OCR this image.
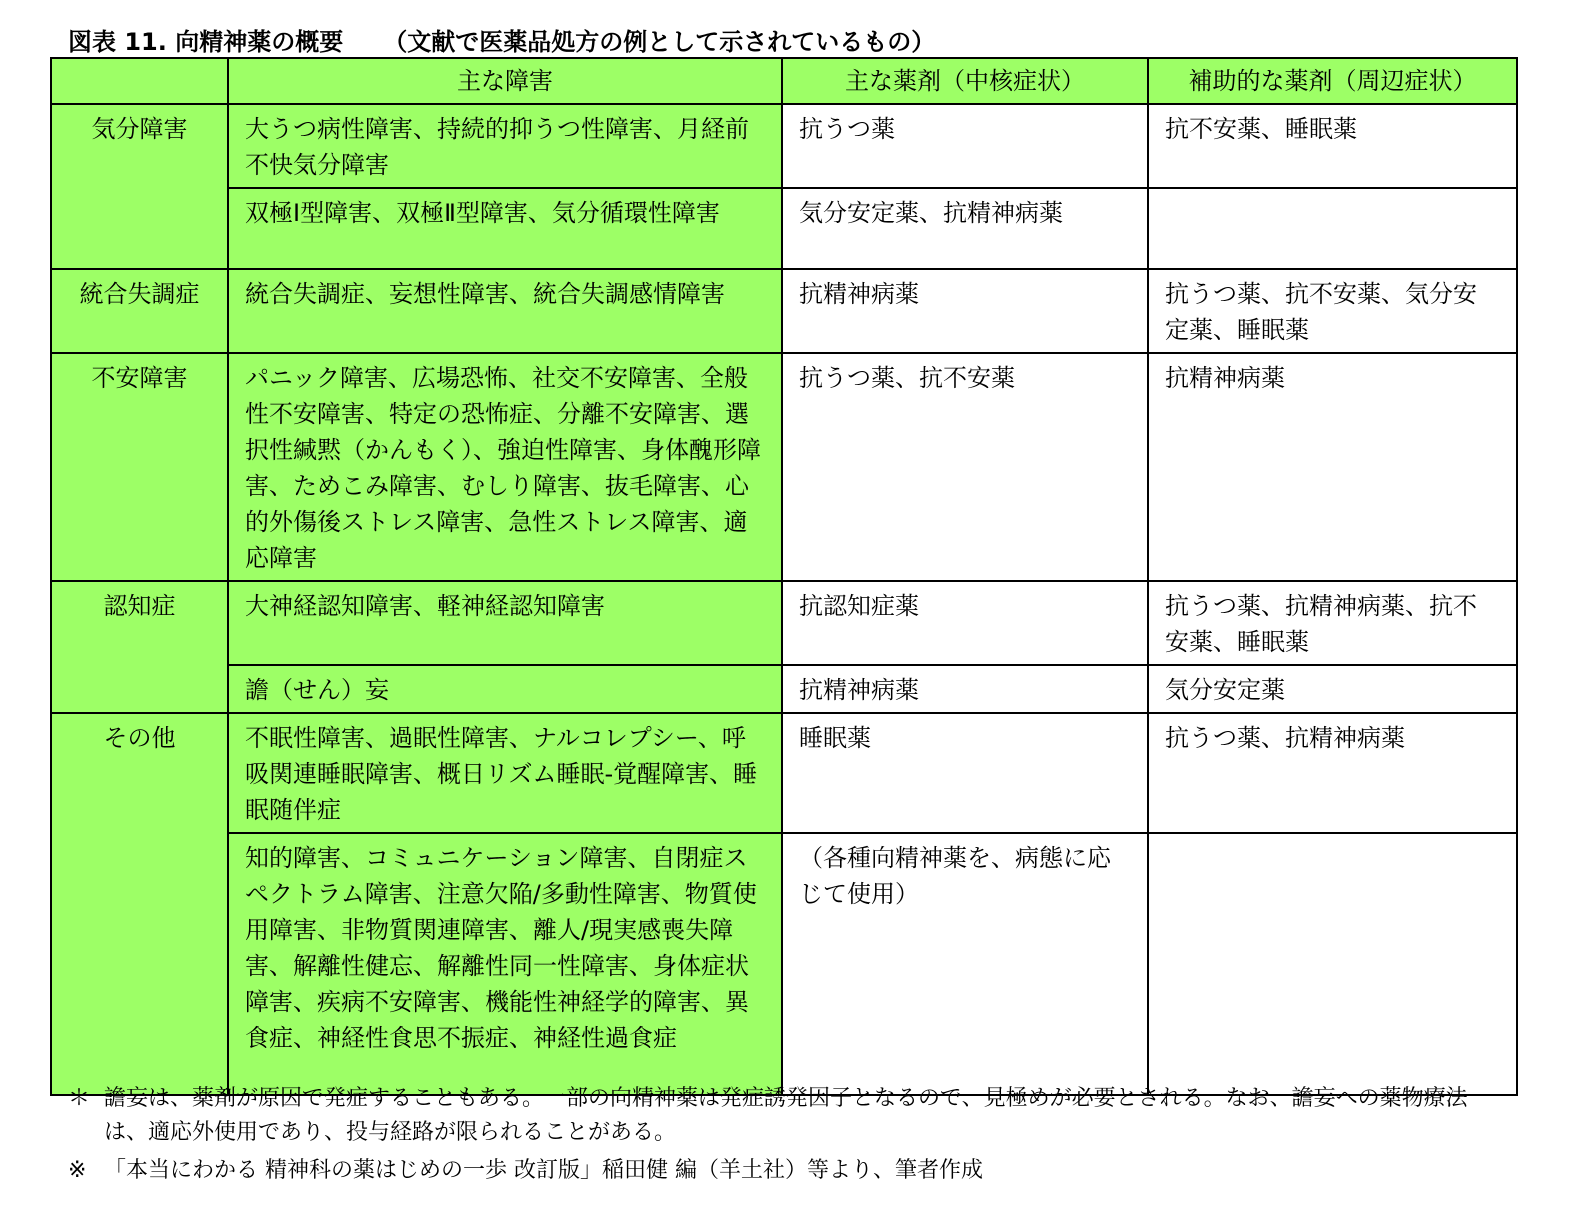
図表 11. 向精神薬の概要 （文献で医薬品処方の例として示されているもの）
	主な障害	主な薬剤（中核症状）	補助的な薬剤（周辺症状）
気分障害	大うつ病性障害、持続的抑うつ性障害、月経前不快気分障害	抗うつ薬	抗不安薬、睡眠薬
	双極Ⅰ型障害、双極Ⅱ型障害、気分循環性障害	気分安定薬、抗精神病薬	
統合失調症	統合失調症、妄想性障害、統合失調感情障害	抗精神病薬	抗うつ薬、抗不安薬、気分安定薬、睡眠薬
不安障害	パニック障害、広場恐怖、社交不安障害、全般性不安障害、特定の恐怖症、分離不安障害、選択性緘黙（かんもく）、強迫性障害、身体醜形障害、ためこみ障害、むしり障害、抜毛障害、心的外傷後ストレス障害、急性ストレス障害、適応障害	抗うつ薬、抗不安薬	抗精神病薬
認知症	大神経認知障害、軽神経認知障害	抗認知症薬	抗うつ薬、抗精神病薬、抗不安薬、睡眠薬
	譫（せん）妄	抗精神病薬	気分安定薬
その他	不眠性障害、過眠性障害、ナルコレプシー、呼吸関連睡眠障害、概日リズム睡眠-覚醒障害、睡眠随伴症	睡眠薬	抗うつ薬、抗精神病薬
	知的障害、コミュニケーション障害、自閉症スペクトラム障害、注意欠陥/多動性障害、物質使用障害、非物質関連障害、離人/現実感喪失障害、解離性健忘、解離性同一性障害、身体症状障害、疾病不安障害、機能性神経学的障害、異食症、神経性食思不振症、神経性過食症	（各種向精神薬を、病態に応じて使用）	
＊ 譫妄は、薬剤が原因で発症することもある。一部の向精神薬は発症誘発因子となるので、見極めが必要とされる。なお、譫妄への薬物療法は、適応外使用であり、投与経路が限られることがある。
※ 「本当にわかる 精神科の薬はじめの一歩 改訂版」稲田健 編（羊土社）等より、筆者作成
